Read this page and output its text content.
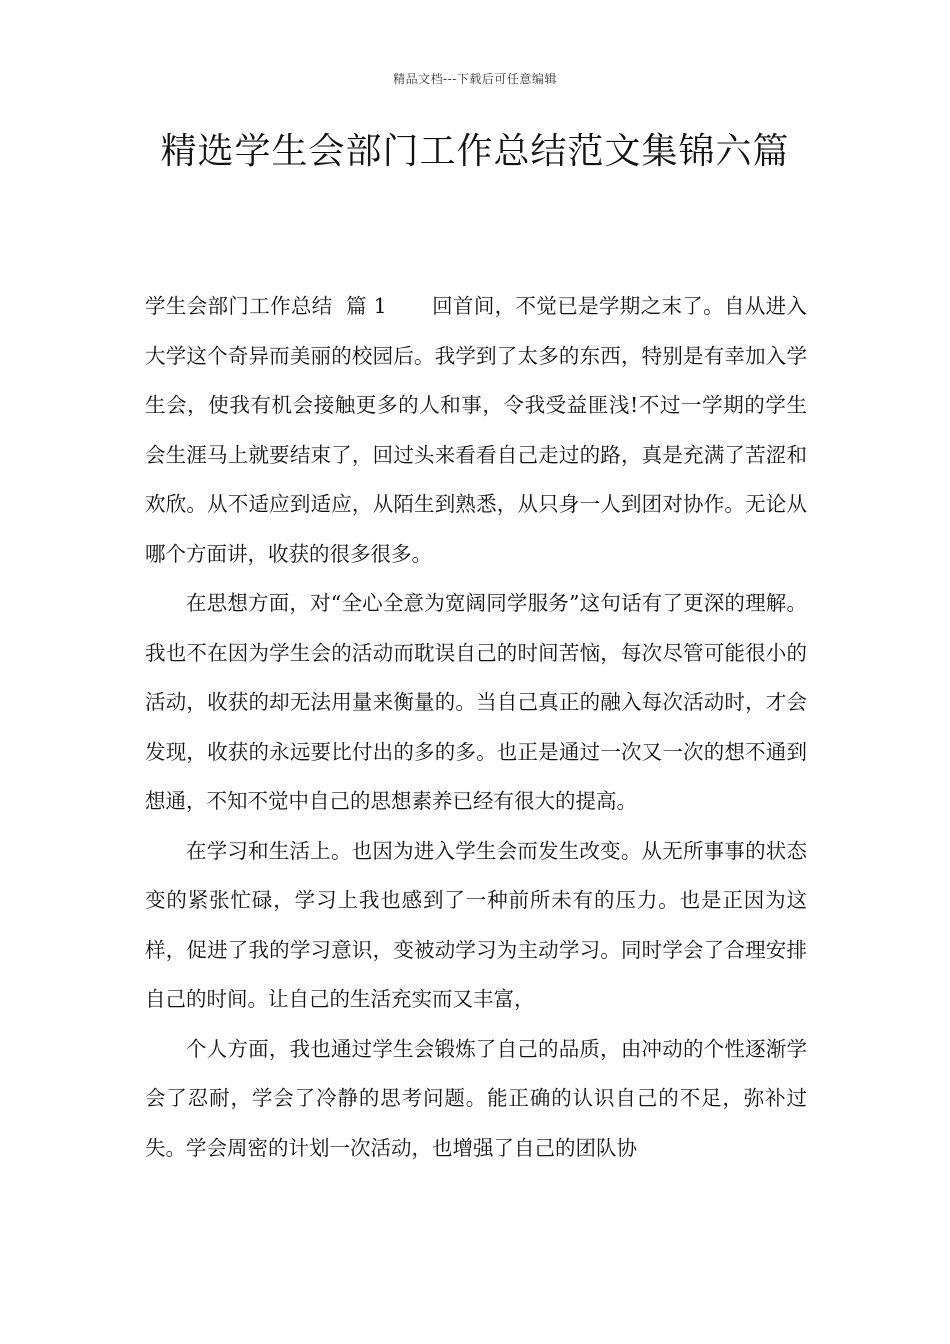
精品文档---下载后可任意编辑
精选学生会部门工作总结范文集锦六篇

学生会部门工作总结 篇 1 回首间，不觉已是学期之末了。自从进入大学这个奇异而美丽的校园后。我学到了太多的东西，特别是有幸加入学生会，使我有机会接触更多的人和事，令我受益匪浅!不过一学期的学生会生涯马上就要结束了，回过头来看看自己走过的路，真是充满了苦涩和欢欣。从不适应到适应，从陌生到熟悉，从只身一人到团对协作。无论从哪个方面讲，收获的很多很多。

在思想方面，对“全心全意为宽阔同学服务”这句话有了更深的理解。我也不在因为学生会的活动而耽误自己的时间苦恼，每次尽管可能很小的活动，收获的却无法用量来衡量的。当自己真正的融入每次活动时，才会发现，收获的永远要比付出的多的多。也正是通过一次又一次的想不通到想通，不知不觉中自己的思想素养已经有很大的提高。

在学习和生活上。也因为进入学生会而发生改变。从无所事事的状态变的紧张忙碌，学习上我也感到了一种前所未有的压力。也是正因为这样，促进了我的学习意识，变被动学习为主动学习。同时学会了合理安排自己的时间。让自己的生活充实而又丰富，

个人方面，我也通过学生会锻炼了自己的品质，由冲动的个性逐渐学会了忍耐，学会了冷静的思考问题。能正确的认识自己的不足，弥补过失。学会周密的计划一次活动，也增强了自己的团队协
